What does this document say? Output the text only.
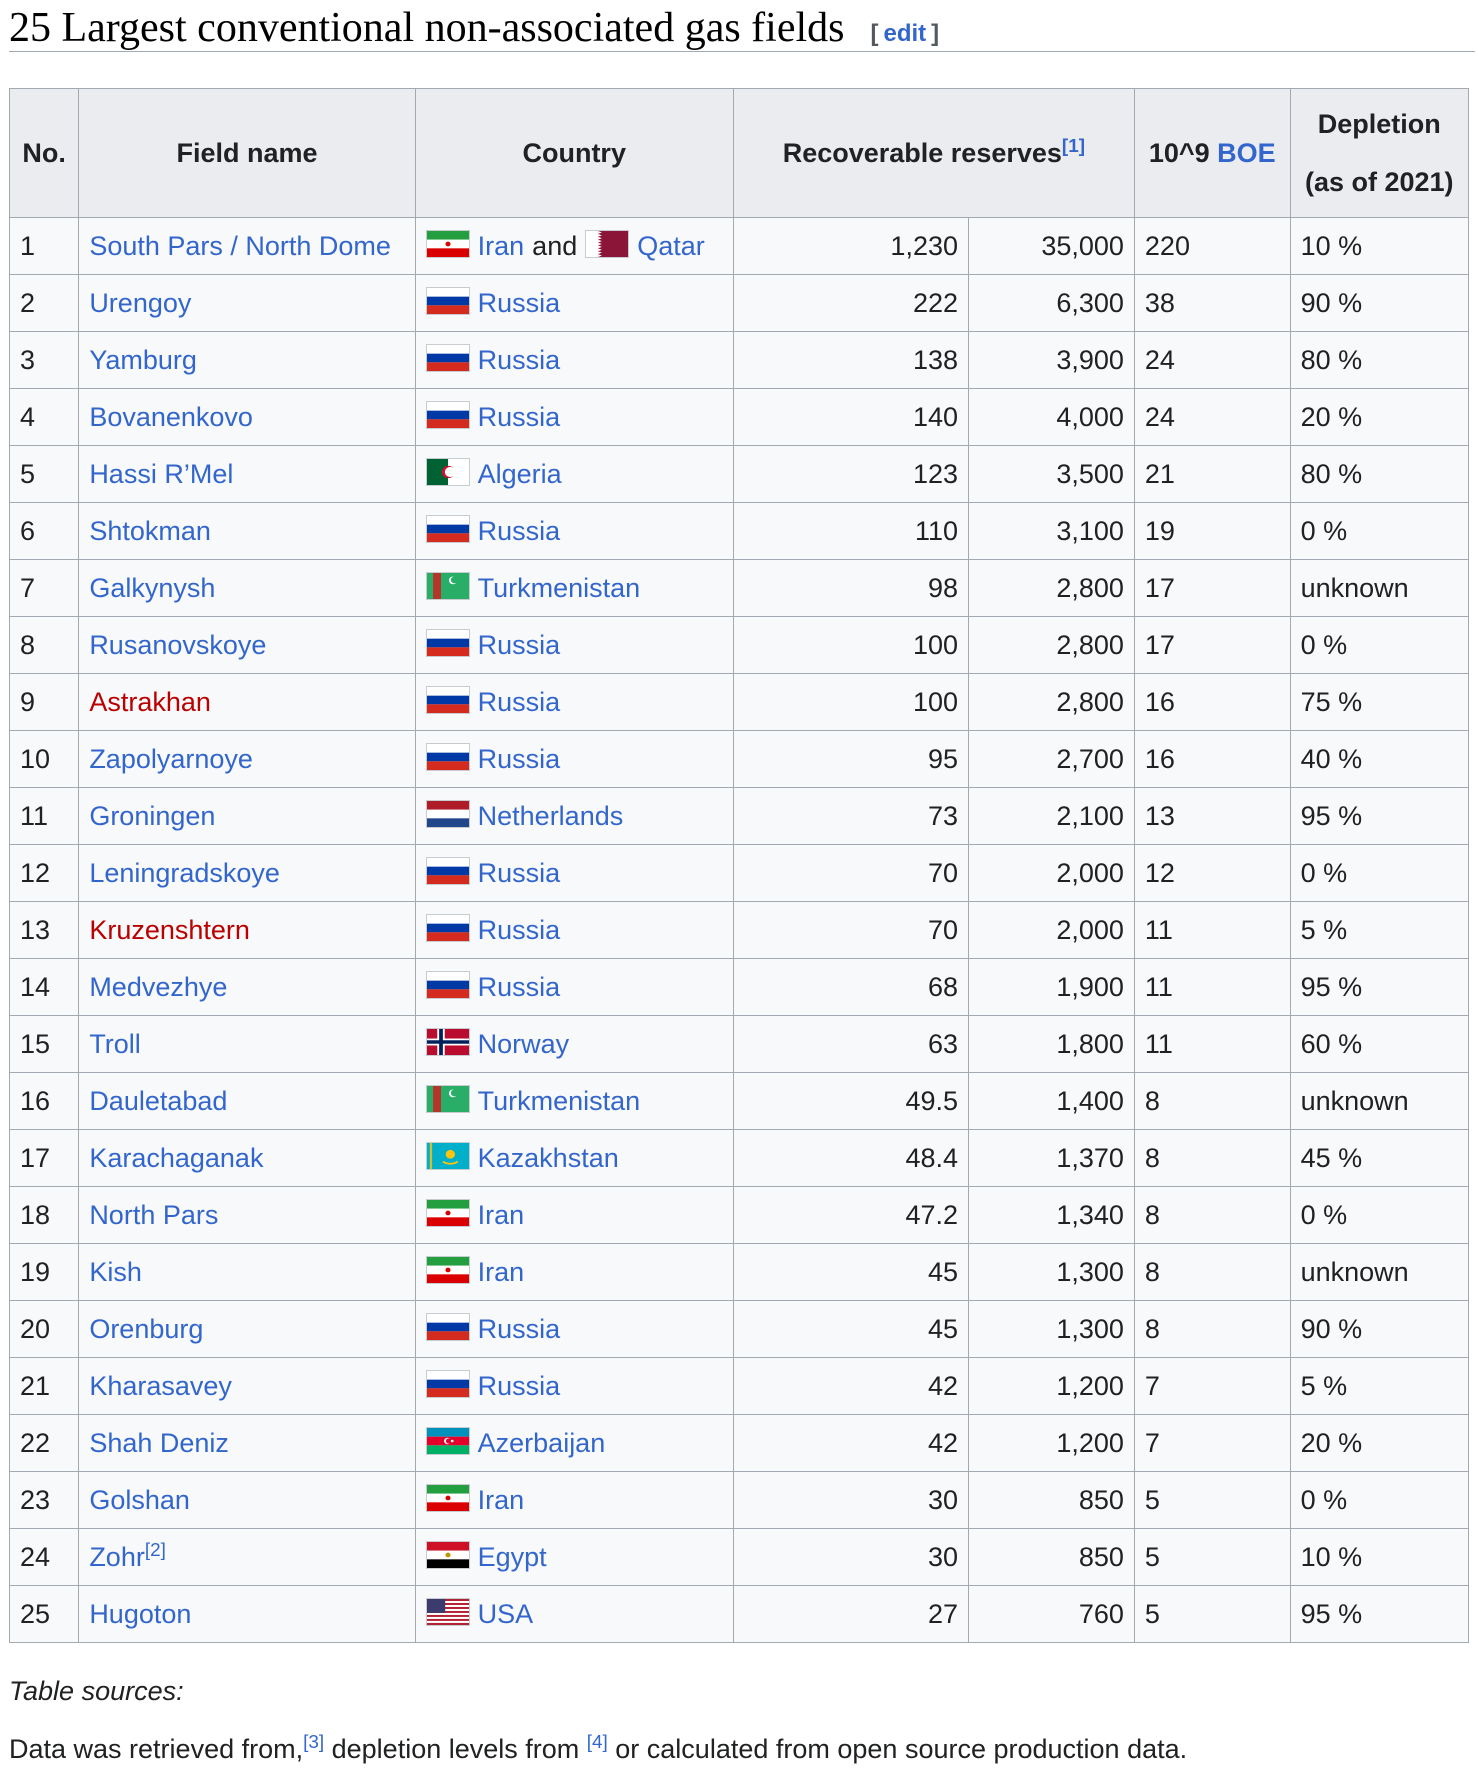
25 Largest conventional non-associated gas fields [ edit ]
No.	Field name	Country	Recoverable reserves[1]		10^9 BOE	Depletion
(as of 2021)
1	South Pars / North Dome	Iran and Qatar	1,230	35,000	220	10 %
2	Urengoy	Russia	222	6,300	38	90 %
3	Yamburg	Russia	138	3,900	24	80 %
4	Bovanenkovo	Russia	140	4,000	24	20 %
5	Hassi R’Mel	Algeria	123	3,500	21	80 %
6	Shtokman	Russia	110	3,100	19	0 %
7	Galkynysh	Turkmenistan	98	2,800	17	unknown
8	Rusanovskoye	Russia	100	2,800	17	0 %
9	Astrakhan	Russia	100	2,800	16	75 %
10	Zapolyarnoye	Russia	95	2,700	16	40 %
11	Groningen	Netherlands	73	2,100	13	95 %
12	Leningradskoye	Russia	70	2,000	12	0 %
13	Kruzenshtern	Russia	70	2,000	11	5 %
14	Medvezhye	Russia	68	1,900	11	95 %
15	Troll	Norway	63	1,800	11	60 %
16	Dauletabad	Turkmenistan	49.5	1,400	8	unknown
17	Karachaganak	Kazakhstan	48.4	1,370	8	45 %
18	North Pars	Iran	47.2	1,340	8	0 %
19	Kish	Iran	45	1,300	8	unknown
20	Orenburg	Russia	45	1,300	8	90 %
21	Kharasavey	Russia	42	1,200	7	5 %
22	Shah Deniz	Azerbaijan	42	1,200	7	20 %
23	Golshan	Iran	30	850	5	0 %
24	Zohr[2]	Egypt	30	850	5	10 %
25	Hugoton	USA	27	760	5	95 %

Table sources:

Data was retrieved from,[3] depletion levels from [4] or calculated from open source production data.
